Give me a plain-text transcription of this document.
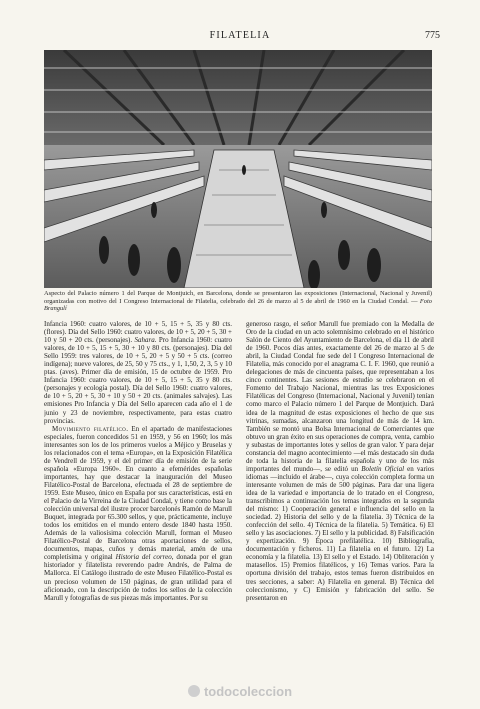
FILATELIA	775
Aspecto del Palacio número 1 del Parque de Montjuich, en Barcelona, donde se presentaron las exposiciones (Internacional, Nacional y Juvenil) organizadas con motivo del I Congreso Internacional de Filatelia, celebrado del 26 de marzo al 5 de abril de 1960 en la Ciudad Condal. — Foto Brangulí

Infancia 1960: cuatro valores, de 10 + 5, 15 + 5, 35 y 80 cts. (flores). Día del Sello 1960: cuatro valores, de 10 + 5, 20 + 5, 30 + 10 y 50 + 20 cts. (personajes). Sahara. Pro Infancia 1960: cuatro valores, de 10 + 5, 15 + 5, 30 + 10 y 80 cts. (personajes). Día del Sello 1959: tres valores, de 10 + 5, 20 + 5 y 50 + 5 cts. (correo indígena); nueve valores, de 25, 50 y 75 cts., y 1, 1,50, 2, 3, 5 y 10 ptas. (aves). Primer día de emisión, 15 de octubre de 1959. Pro Infancia 1960: cuatro valores, de 10 + 5, 15 + 5, 35 y 80 cts. (personajes y ecología postal). Día del Sello 1960: cuatro valores, de 10 + 5, 20 + 5, 30 + 10 y 50 + 20 cts. (animales salvajes). Las emisiones Pro Infancia y Día del Sello aparecen cada año el 1 de junio y 23 de noviembre, respectivamente, para estas cuatro provincias.

Movimiento filatélico. En el apartado de manifestaciones especiales, fueron concedidos 51 en 1959, y 56 en 1960; los más interesantes son los de los primeros vuelos a Méjico y Bruselas y los relacionados con el tema «Europa», en la Exposición Filatélica de Vendrell de 1959, y el del primer día de emisión de la serie española «Europa 1960». En cuanto a efemérides españolas importantes, hay que destacar la inauguración del Museo Filatélico-Postal de Barcelona, efectuada el 28 de septiembre de 1959. Este Museo, único en España por sus características, está en el Palacio de la Virreina de la Ciudad Condal, y tiene como base la colección universal del ilustre procer barcelonés Ramón de Marull Buquet, integrada por 65.300 sellos, y que, prácticamente, incluye todos los emitidos en el mundo entero desde 1840 hasta 1950. Además de la valiosísima colección Marull, forman el Museo Filatélico-Postal de Barcelona otras aportaciones de sellos, documentos, mapas, cuños y demás material, amén de una completísima y original Historia del correo, donada por el gran historiador y filatelista reverendo padre Andrés, de Palma de Mallorca. El Catálogo ilustrado de este Museo Filatélico-Postal es un precioso volumen de 150 páginas, de gran utilidad para el aficionado, con la descripción de todos los sellos de la colección Marull y fotografías de sus piezas más importantes. Por su

generoso rasgo, el señor Marull fue premiado con la Medalla de Oro de la ciudad en un acto solemnísimo celebrado en el histórico Salón de Ciento del Ayuntamiento de Barcelona, el día 11 de abril de 1960. Pocos días antes, exactamente del 26 de marzo al 5 de abril, la Ciudad Condal fue sede del I Congreso Internacional de Filatelia, más conocido por el anagrama C. I. F. 1960, que reunió a delegaciones de más de cincuenta países, que representaban a los cinco continentes. Las sesiones de estudio se celebraron en el Fomento del Trabajo Nacional, mientras las tres Exposiciones Filatélicas del Congreso (Internacional, Nacional y Juvenil) tenían como marco el Palacio número 1 del Parque de Montjuich. Dará idea de la magnitud de estas exposiciones el hecho de que sus vitrinas, sumadas, alcanzaron una longitud de más de 14 km. También se montó una Bolsa Internacional de Comerciantes que obtuvo un gran éxito en sus operaciones de compra, venta, cambio y subastas de importantes lotes y sellos de gran valor. Y para dejar constancia del magno acontecimiento —el más destacado sin duda de toda la historia de la filatelia española y uno de los más importantes del mundo—, se editó un Boletín Oficial en varios idiomas —incluido el árabe—, cuya colección completa forma un interesante volumen de más de 500 páginas. Para dar una ligera idea de la variedad e importancia de lo tratado en el Congreso, transcribimos a continuación los temas integrados en la segunda del mismo: 1) Cooperación general e influencia del sello en la sociedad. 2) Historia del sello y de la filatelia. 3) Técnica de la confección del sello. 4) Técnica de la filatelia. 5) Temática. 6) El sello y las asociaciones. 7) El sello y la publicidad. 8) Falsificación y expertización. 9) Época prefilatélica. 10) Bibliografía, documentación y ficheros. 11) La filatelia en el futuro. 12) La economía y la filatelia. 13) El sello y el Estado. 14) Obliteración y matasellos. 15) Premios filatélicos, y 16) Temas varios. Para la oportuna división del trabajo, estos temas fueron distribuidos en tres secciones, a saber: A) Filatelia en general. B) Técnica del coleccionismo, y C) Emisión y fabricación del sello. Se presentaron en

todocoleccion
